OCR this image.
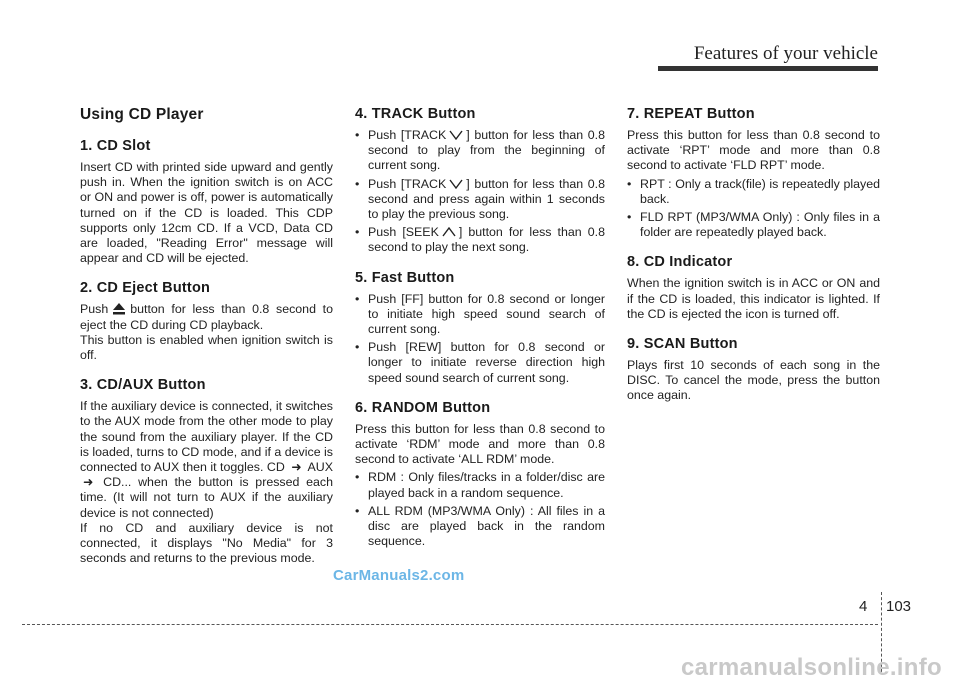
Features of your vehicle
Using CD Player
1. CD Slot

Insert CD with printed side upward and gently push in. When the ignition switch is on ACC or ON and power is off, power is automatically turned on if the CD is loaded. This CDP supports only 12cm CD. If a VCD, Data CD are loaded, "Reading Error" message will appear and CD will be ejected.

2. CD Eject Button

Push button for less than 0.8 second to eject the CD during CD playback.

This button is enabled when ignition switch is off.

3. CD/AUX Button

If the auxiliary device is connected, it switches to the AUX mode from the other mode to play the sound from the auxiliary player. If the CD is loaded, turns to CD mode, and if a device is connected to AUX then it toggles. CD ➜ AUX ➜ CD... when the button is pressed each time. (It will not turn to AUX if the auxiliary device is not connected)

If no CD and auxiliary device is not connected, it displays "No Media" for 3 seconds and returns to the previous mode.

4. TRACK Button
• Push [TRACK ] button for less than 0.8 second to play from the beginning of current song.
• Push [TRACK ] button for less than 0.8 second and press again within 1 seconds to play the previous song.
• Push [SEEK ] button for less than 0.8 second to play the next song.
5. Fast Button
• Push [FF] button for 0.8 second or longer to initiate high speed sound search of current song.
• Push [REW] button for 0.8 second or longer to initiate reverse direction high speed sound search of current song.
6. RANDOM Button

Press this button for less than 0.8 second to activate ‘RDM’ mode and more than 0.8 second to activate ‘ALL RDM’ mode.

• RDM : Only files/tracks in a folder/disc are played back in a random sequence.
• ALL RDM (MP3/WMA Only) : All files in a disc are played back in the random sequence.
7. REPEAT Button

Press this button for less than 0.8 second to activate ‘RPT’ mode and more than 0.8 second to activate ‘FLD RPT’ mode.

• RPT : Only a track(file) is repeatedly played back.
• FLD RPT (MP3/WMA Only) : Only files in a folder are repeatedly played back.
8. CD Indicator

When the ignition switch is in ACC or ON and if the CD is loaded, this indicator is lighted. If the CD is ejected the icon is turned off.

9. SCAN Button

Plays first 10 seconds of each song in the DISC. To cancel the mode, press the button once again.

CarManuals2.com
4 103
carmanualsonline.info
